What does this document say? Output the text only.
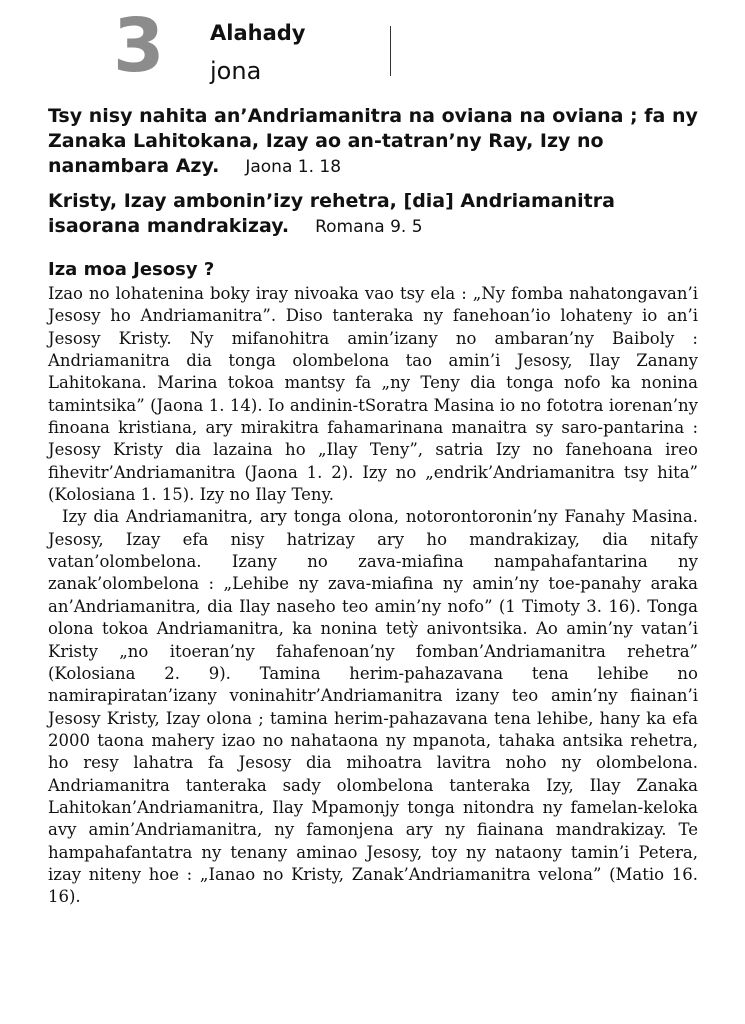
3 Alahady
jona

Tsy nisy nahita an’Andriamanitra na oviana na oviana ; fa ny Zanaka Lahitokana, Izay ao an-tatran’ny Ray, Izy no nanambara Azy. Jaona 1. 18

Kristy, Izay ambonin’izy rehetra, [dia] Andriamanitra isaorana mandrakizay. Romana 9. 5

Iza moa Jesosy ?

Izao no lohatenina boky iray nivoaka vao tsy ela : „Ny fomba nahatongavan’i Jesosy ho Andriamanitra”. Diso tanteraka ny fanehoan’io lohateny io an’i Jesosy Kristy. Ny mifanohitra amin’izany no ambaran’ny Baiboly : Andriamanitra dia tonga olombelona tao amin’i Jesosy, Ilay Zanany Lahitokana. Marina tokoa mantsy fa „ny Teny dia tonga nofo ka nonina tamintsika” (Jaona 1. 14). Io andinin-tSoratra Masina io no fototra iorenan’ny finoana kristiana, ary mirakitra fahamarinana manaitra sy saro-pantarina : Jesosy Kristy dia lazaina ho „Ilay Teny”, satria Izy no fanehoana ireo fihevitr’Andriamanitra (Jaona 1. 2). Izy no „endrik’Andriamanitra tsy hita” (Kolosiana 1. 15). Izy no Ilay Teny.

Izy dia Andriamanitra, ary tonga olona, notorontoronin’ny Fanahy Masina. Jesosy, Izay efa nisy hatrizay ary ho mandrakizay, dia nitafy vatan’olombelona. Izany no zava-miafina nampahafantarina ny zanak’olombelona : „Lehibe ny zava-miafina ny amin’ny toe-panahy araka an’Andriamanitra, dia Ilay naseho teo amin’ny nofo” (1 Timoty 3. 16). Tonga olona tokoa Andriamanitra, ka nonina tetỳ anivontsika. Ao amin’ny vatan’i Kristy „no itoeran’ny fahafenoan’ny fomban’Andriamanitra rehetra” (Kolosiana 2. 9). Tamina herim-pahazavana tena lehibe no namirapiratan’izany voninahitr’Andriamanitra izany teo amin’ny fiainan’i Jesosy Kristy, Izay olona ; tamina herim-pahazavana tena lehibe, hany ka efa 2000 taona mahery izao no nahataona ny mpanota, tahaka antsika rehetra, ho resy lahatra fa Jesosy dia mihoatra lavitra noho ny olombelona. Andriamanitra tanteraka sady olombelona tanteraka Izy, Ilay Zanaka Lahitokan’Andriamanitra, Ilay Mpamonjy tonga nitondra ny famelan-keloka avy amin’Andriamanitra, ny famonjena ary ny fiainana mandrakizay. Te hampahafantatra ny tenany aminao Jesosy, toy ny nataony tamin’i Petera, izay niteny hoe : „Ianao no Kristy, Zanak’Andriamanitra velona” (Matio 16. 16).
